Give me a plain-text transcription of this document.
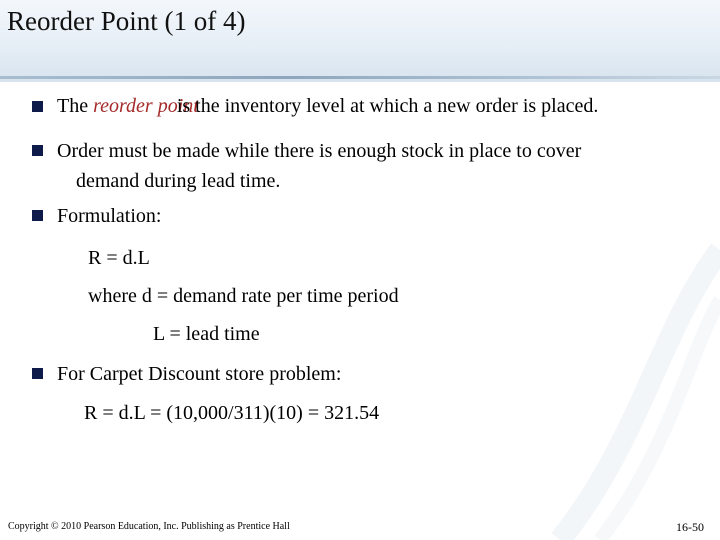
Reorder Point (1 of 4)
The reorder pointis the inventory level at which a new order is placed.
Order must be made while there is enough stock in place to cover
demand during lead time.
Formulation:
R = d.L
where d = demand rate per time period
L = lead time
For Carpet Discount store problem:
R = d.L = (10,000/311)(10) = 321.54
Copyright © 2010 Pearson Education, Inc. Publishing as Prentice Hall	16-50
